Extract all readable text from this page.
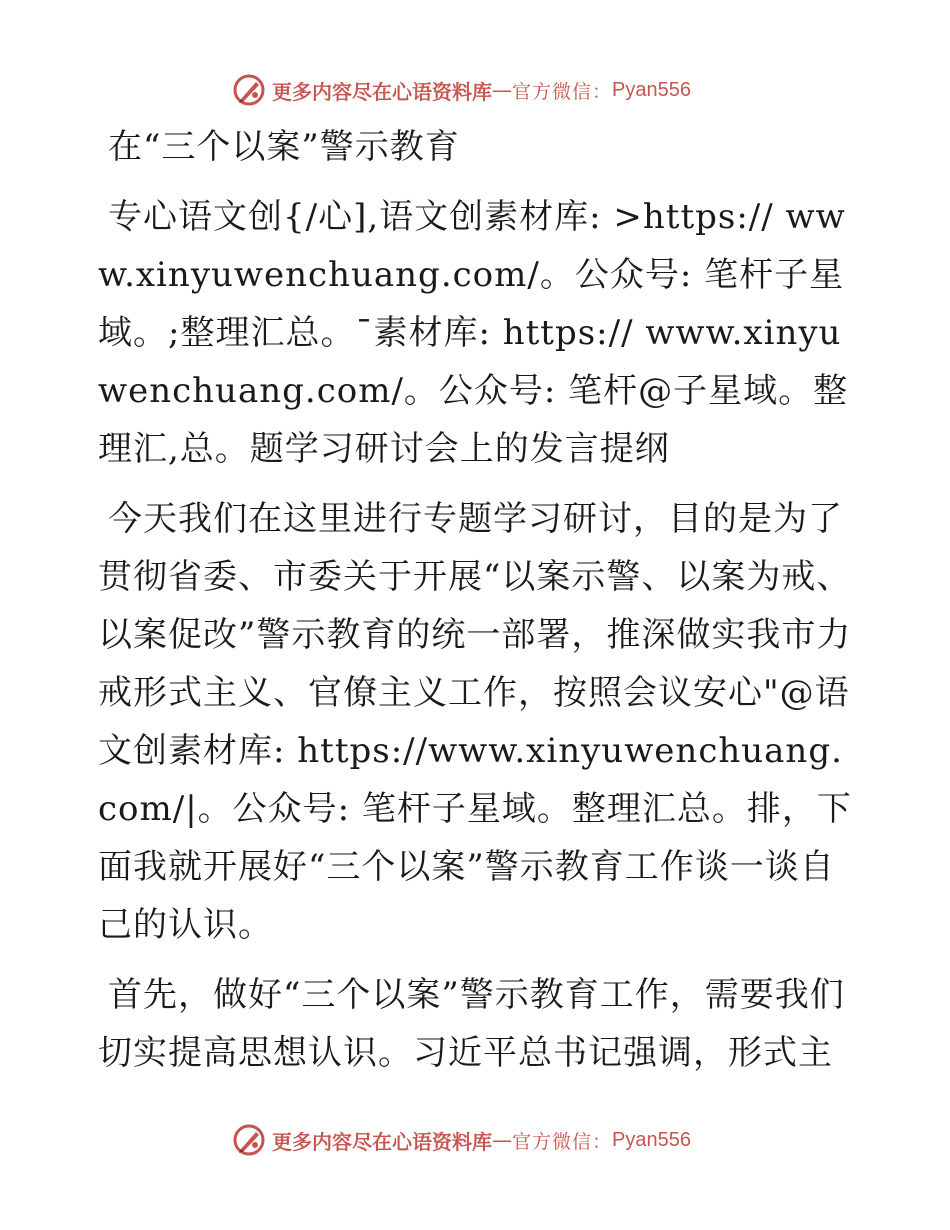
更多内容尽在心语资料库 — 官方微信： Pyan556

在“三个以案”警示教育

专心语文创{/心],语文创素材库: >https:// www.xinyuwenchuang.com/。公众号: 笔杆子星域。;整理汇总。¯素材库: https:// www.xinyuwenchuang.com/。公众号: 笔杆@子星域。整理汇,总。题学习研讨会上的发言提纲

今天我们在这里进行专题学习研讨，目的是为了贯彻省委、市委关于开展“以案示警、以案为戒、以案促改”警示教育的统一部署，推深做实我市力戒形式主义、官僚主义工作，按照会议安心"@语文创素材库: https://www.xinyuwenchuang.com/|。公众号: 笔杆子星域。整理汇总。排，下面我就开展好“三个以案”警示教育工作谈一谈自己的认识。

首先，做好“三个以案”警示教育工作，需要我们切实提高思想认识。习近平总书记强调，形式主

更多内容尽在心语资料库 — 官方微信： Pyan556
